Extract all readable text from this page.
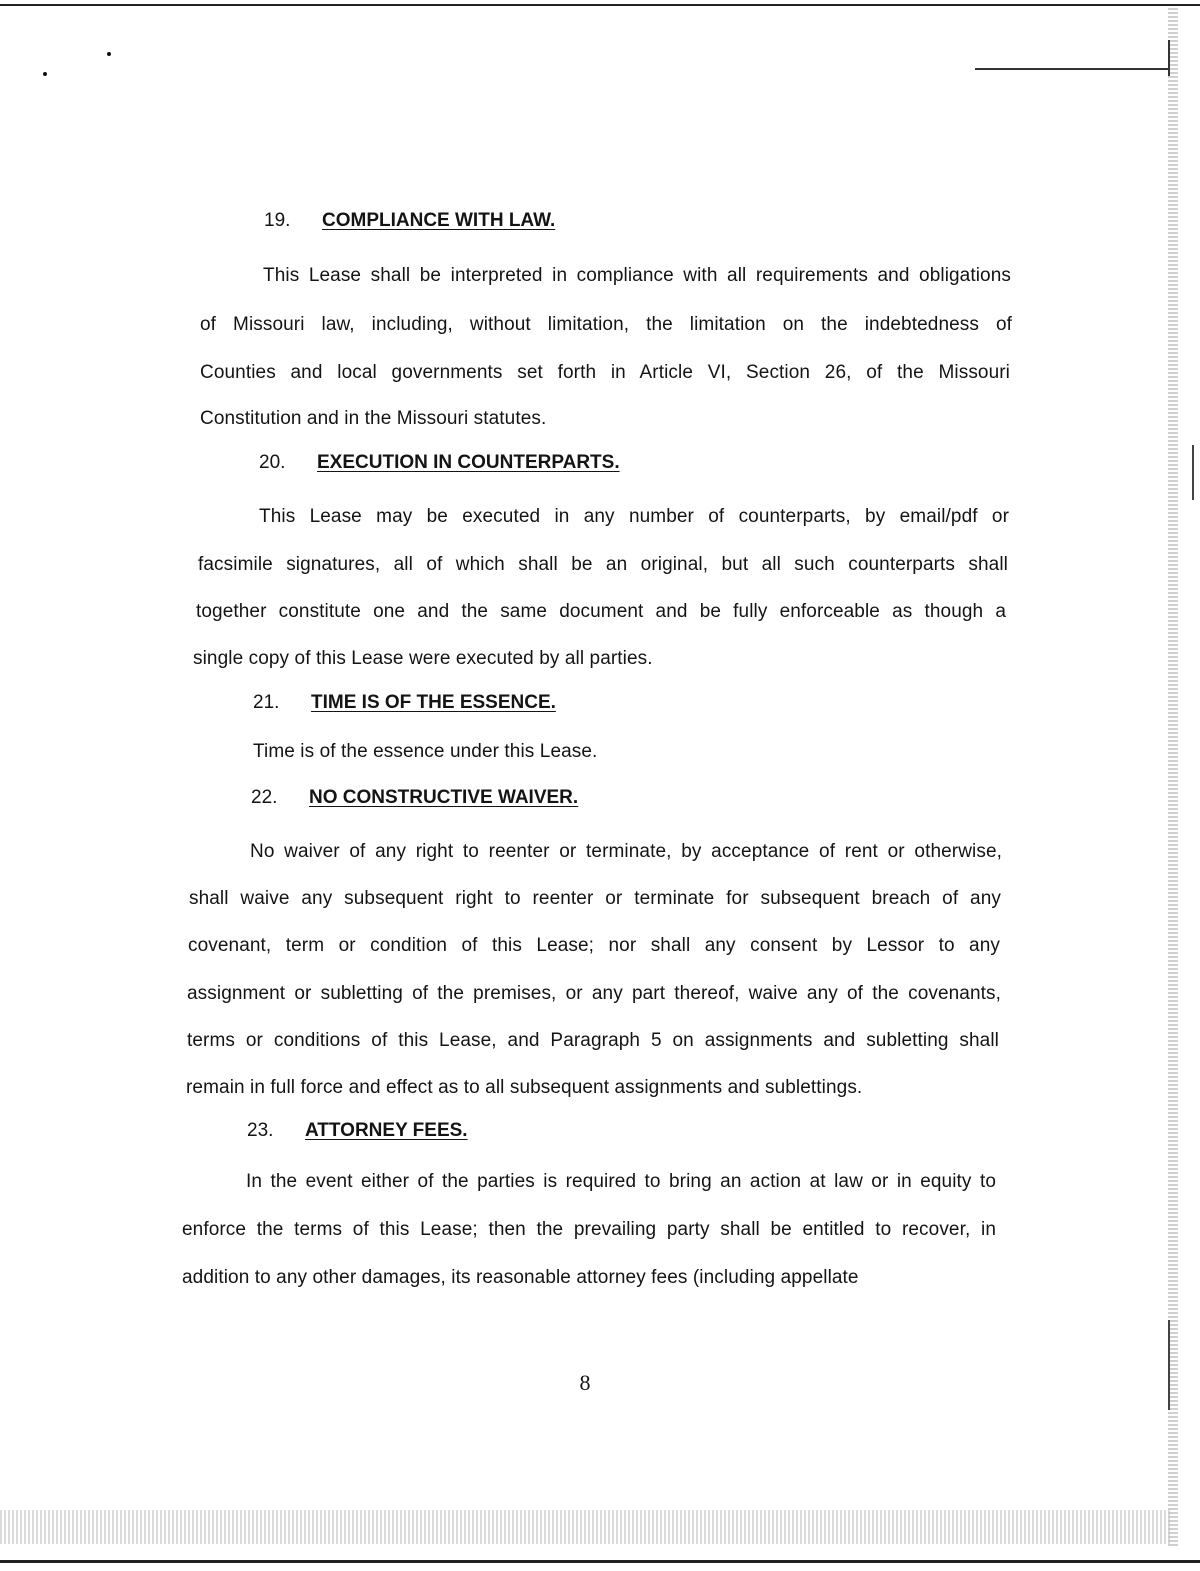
19. COMPLIANCE WITH LAW.
This Lease shall be interpreted in compliance with all requirements and obligations
of Missouri law, including, without limitation, the limitation on the indebtedness of
Counties and local governments set forth in Article VI, Section 26, of the Missouri
Constitution and in the Missouri statutes.
20. EXECUTION IN COUNTERPARTS.
This Lease may be executed in any number of counterparts, by email/pdf or
facsimile signatures, all of which shall be an original, but all such counterparts shall
together constitute one and the same document and be fully enforceable as though a
single copy of this Lease were executed by all parties.
21. TIME IS OF THE ESSENCE.
Time is of the essence under this Lease.
22. NO CONSTRUCTIVE WAIVER.
No waiver of any right to reenter or terminate, by acceptance of rent or otherwise,
shall waive any subsequent right to reenter or terminate for subsequent breach of any
covenant, term or condition of this Lease; nor shall any consent by Lessor to any
assignment or subletting of the premises, or any part thereof, waive any of the covenants,
terms or conditions of this Lease, and Paragraph 5 on assignments and subletting shall
remain in full force and effect as to all subsequent assignments and sublettings.
23. ATTORNEY FEES.
In the event either of the parties is required to bring an action at law or in equity to
enforce the terms of this Lease; then the prevailing party shall be entitled to recover, in
addition to any other damages, its reasonable attorney fees (including appellate
8
